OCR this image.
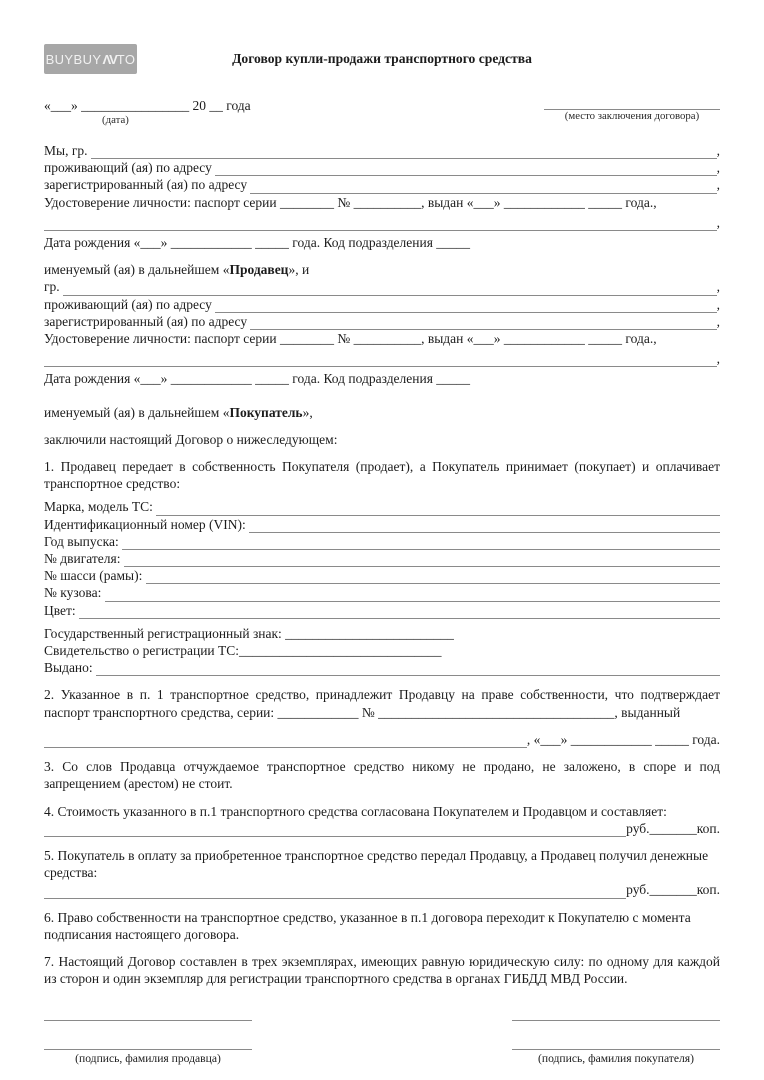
BUYBUY ΛV TO	Договор купли-продажи транспортного средства
«___» ________________ 20 __ года
(дата)	(место заключения договора)
Мы, гр.	,
проживающий (ая) по адресу	,
зарегистрированный (ая) по адресу	,
Удостоверение личности: паспорт серии ________ № __________, выдан «___» ____________ _____ года.,
,
Дата рождения «___» ____________ _____ года. Код подразделения _____
именуемый (ая) в дальнейшем «Продавец», и
гр.	,
проживающий (ая) по адресу	,
зарегистрированный (ая) по адресу	,
Удостоверение личности: паспорт серии ________ № __________, выдан «___» ____________ _____ года.,
,
Дата рождения «___» ____________ _____ года. Код подразделения _____
именуемый (ая) в дальнейшем «Покупатель»,
заключили настоящий Договор о нижеследующем:
1. Продавец передает в собственность Покупателя (продает), а Покупатель принимает (покупает) и оплачивает транспортное средство:
Марка, модель ТС:
Идентификационный номер (VIN):
Год выпуска:
№ двигателя:
№ шасси (рамы):
№ кузова:
Цвет:
Государственный регистрационный знак: _________________________
Свидетельство о регистрации ТС:______________________________
Выдано:
2. Указанное в п. 1 транспортное средство, принадлежит Продавцу на праве собственности, что подтверждает паспорт транспортного средства, серии: ____________ № ___________________________________, выданный
, «___» ____________ _____ года.
3. Со слов Продавца отчуждаемое транспортное средство никому не продано, не заложено, в споре и под запрещением (арестом) не стоит.
4. Стоимость указанного в п.1 транспортного средства согласована Покупателем и Продавцом и составляет:
руб._______коп.
5. Покупатель в оплату за приобретенное транспортное средство передал Продавцу, а Продавец получил денежные средства:
руб._______коп.
6. Право собственности на транспортное средство, указанное в п.1 договора переходит к Покупателю с момента подписания настоящего договора.
7. Настоящий Договор составлен в трех экземплярах, имеющих равную юридическую силу: по одному для каждой из сторон и один экземпляр для регистрации транспортного средства в органах ГИБДД МВД России.
(подпись, фамилия продавца)	(подпись, фамилия покупателя)
